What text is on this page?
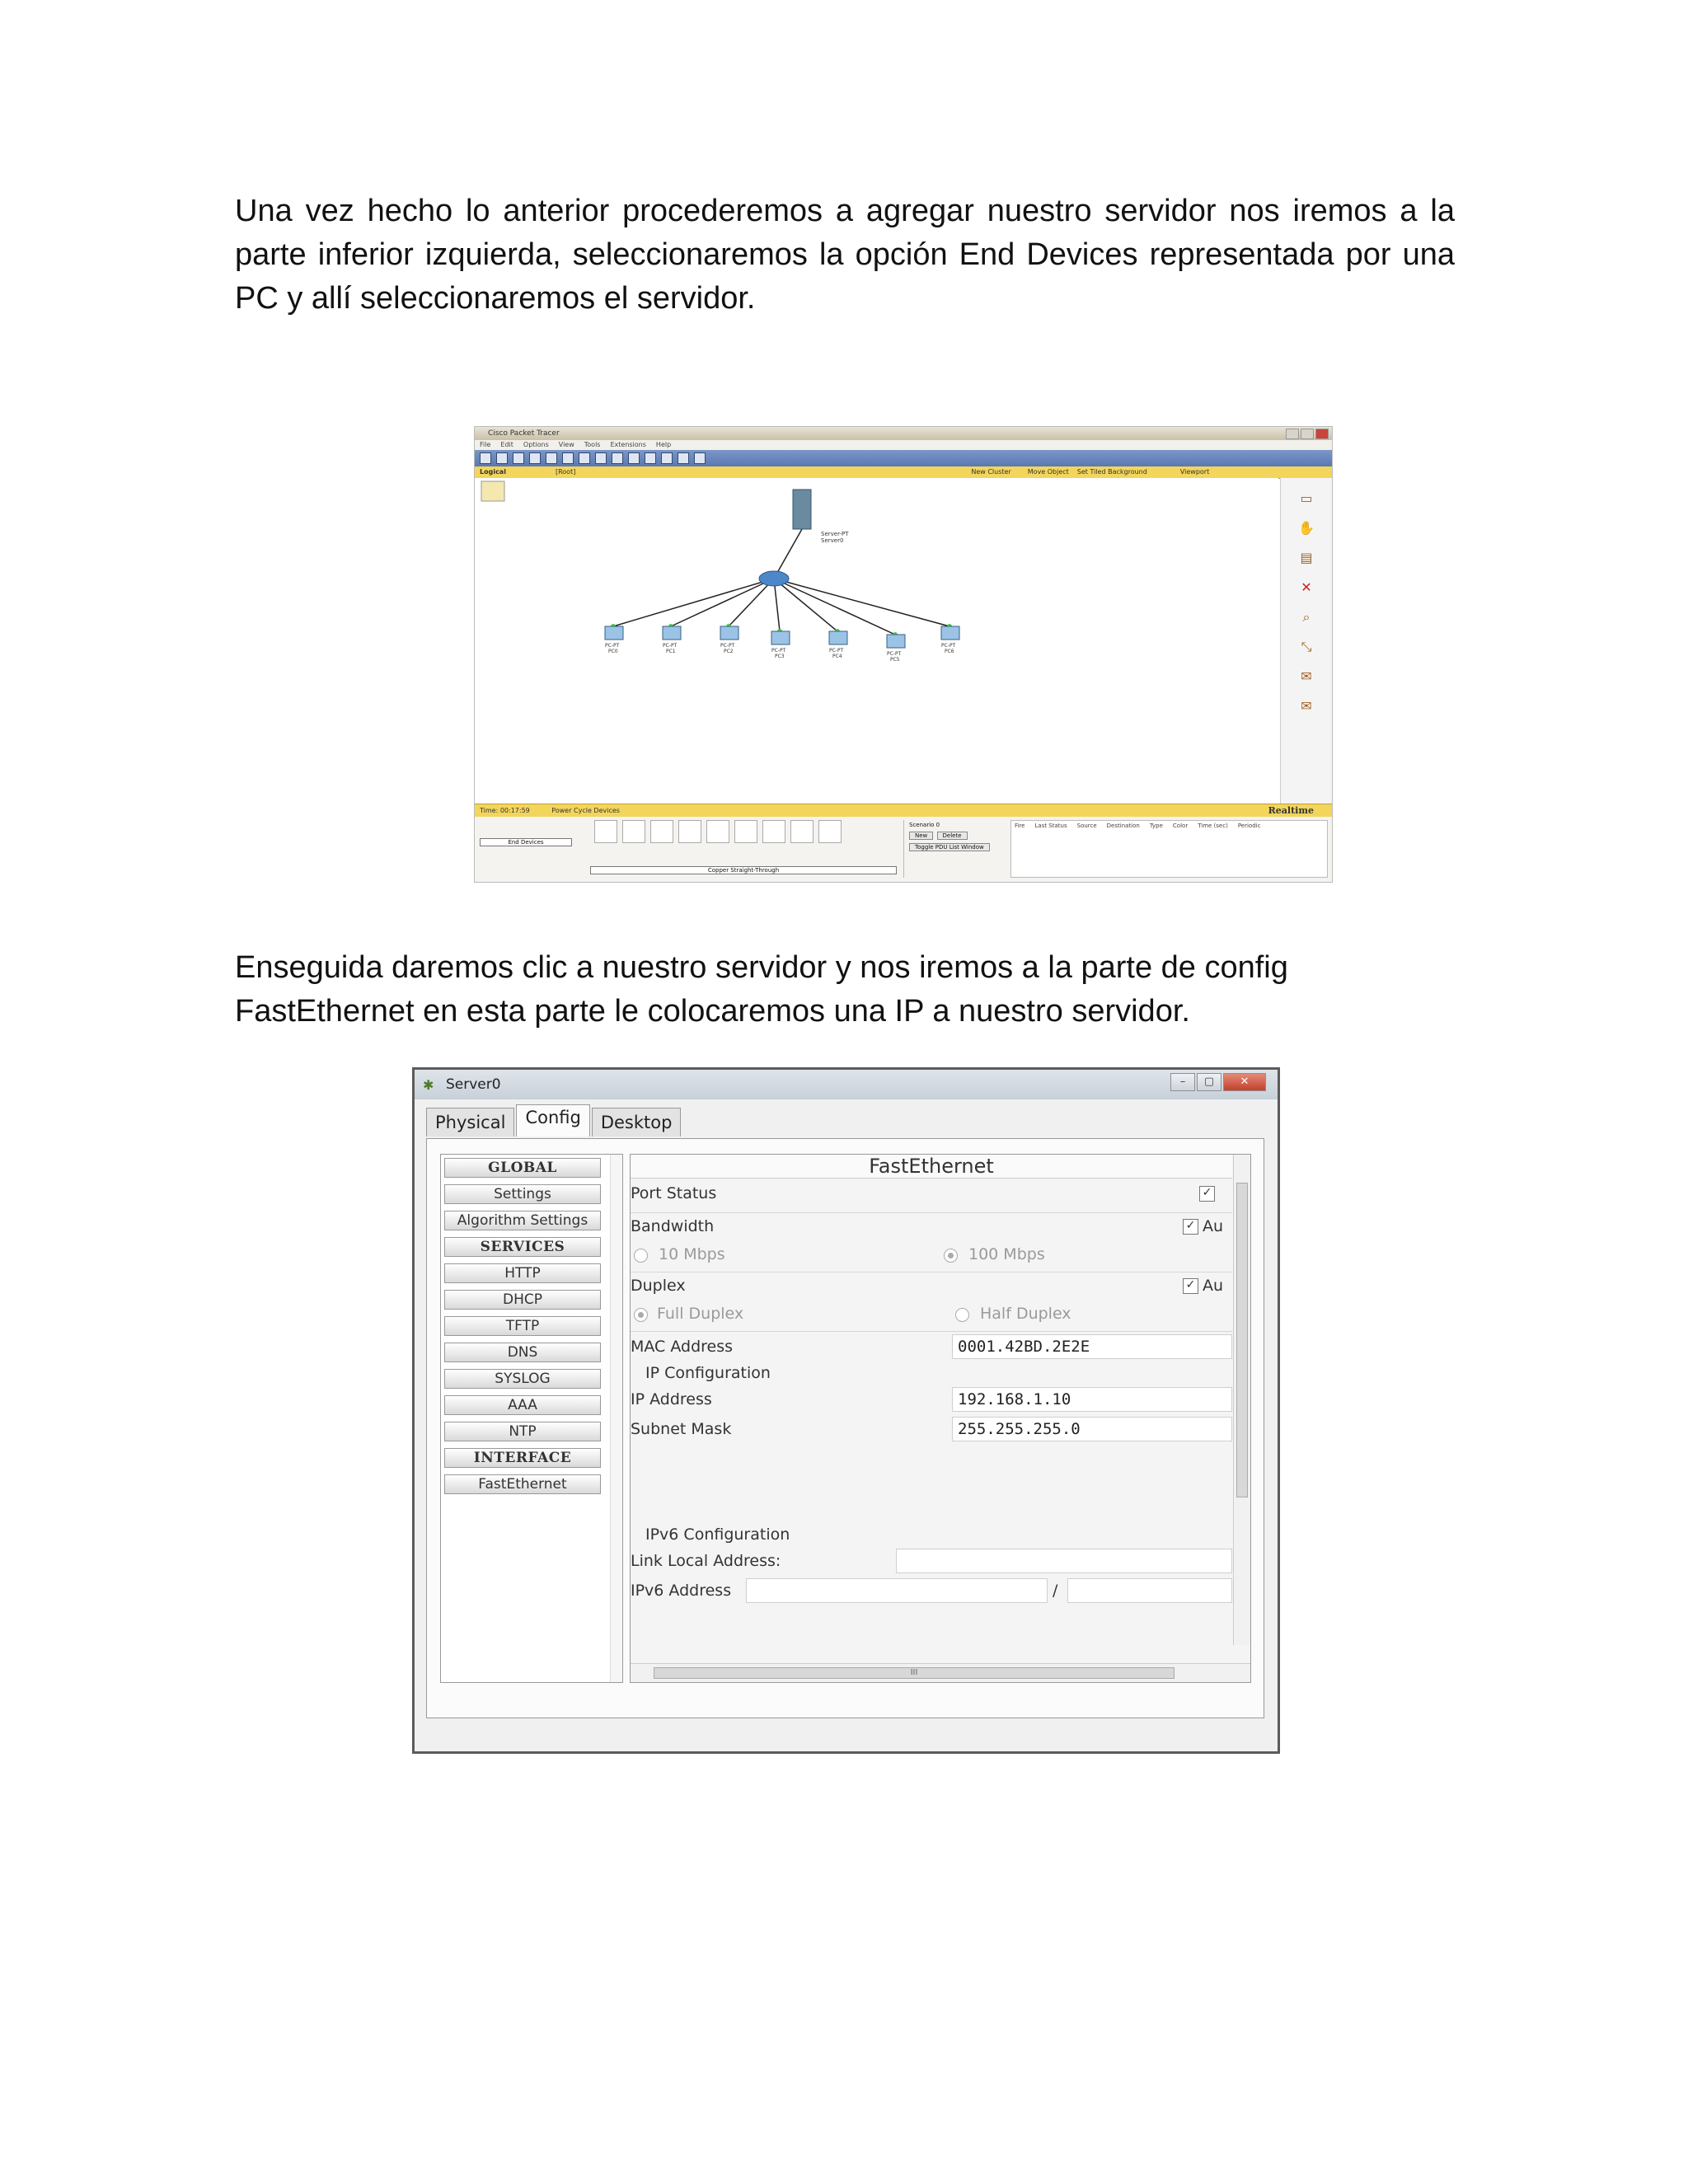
Una vez hecho lo anterior procederemos a agregar nuestro servidor nos iremos a la parte inferior izquierda, seleccionaremos la opción End Devices representada por una PC y allí seleccionaremos el servidor.

Cisco Packet Tracer
File Edit Options View Tools Extensions Help
Logical	[Root]	New Cluster	Move Object Set Tiled Background	Viewport
Server-PT
Server0
PC-PT
PC0
PC-PT
PC1
PC-PT
PC2	PC-PT
PC3
PC-PT
PC4	PC-PT
PC5
PC-PT
PC6
▭
✋
▤
✕
⌕
⤡
✉
✉
Time: 00:17:59	Power Cycle Devices	Realtime
End Devices
Copper Straight-Through
Scenario 0
New	Delete Toggle PDU List Window
Fire Last Status Source Destination Type Color Time (sec) Periodic

Enseguida daremos clic a nuestro servidor y nos iremos a la parte de config
FastEthernet en esta parte le colocaremos una IP a nuestro servidor.

✱ Server0	–	▢	✕
Physical	Config	Desktop
GLOBAL
Settings
Algorithm Settings
SERVICES
HTTP
DHCP
TFTP
DNS
SYSLOG
AAA
NTP
INTERFACE
FastEthernet
FastEthernet
Port Status	✓
Bandwidth	✓ Au
10 Mbps	100 Mbps
Duplex	✓ Au
Full Duplex	Half Duplex
MAC Address	0001.42BD.2E2E
IP Configuration
IP Address	192.168.1.10
Subnet Mask	255.255.255.0
IPv6 Configuration
Link Local Address:
IPv6 Address	/
III
